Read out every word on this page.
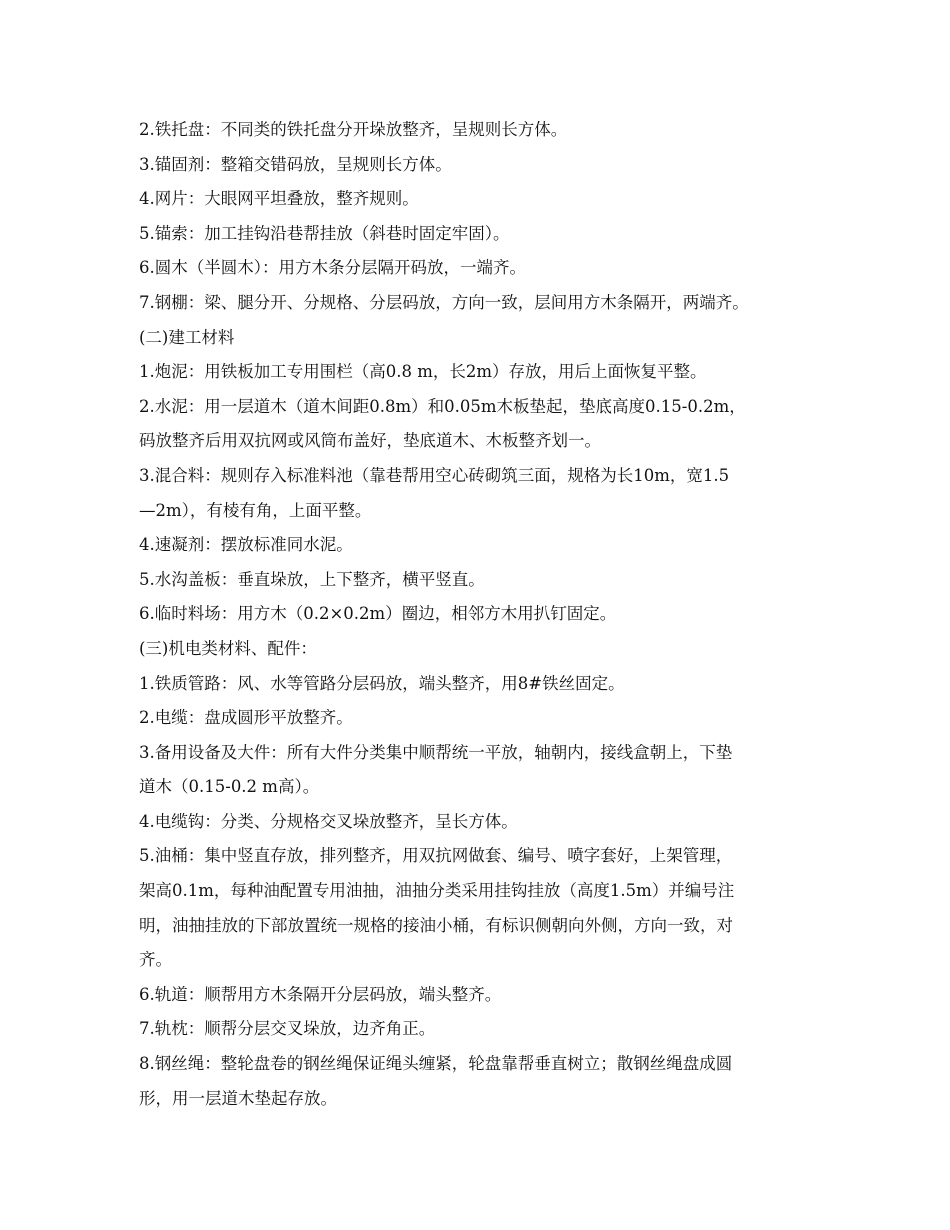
2.铁托盘：不同类的铁托盘分开垛放整齐，呈规则长方体。
3.锚固剂：整箱交错码放，呈规则长方体。
4.网片：大眼网平坦叠放，整齐规则。
5.锚索：加工挂钩沿巷帮挂放（斜巷时固定牢固）。
6.圆木（半圆木）：用方木条分层隔开码放，一端齐。
7.钢棚：梁、腿分开、分规格、分层码放，方向一致，层间用方木条隔开，两端齐。
(二)建工材料
1.炮泥：用铁板加工专用围栏（高0.8 m，长2m）存放，用后上面恢复平整。
2.水泥：用一层道木（道木间距0.8m）和0.05m木板垫起，垫底高度0.15-0.2m，
码放整齐后用双抗网或风筒布盖好，垫底道木、木板整齐划一。
3.混合料：规则存入标准料池（靠巷帮用空心砖砌筑三面，规格为长10m，宽1.5
—2m），有棱有角，上面平整。
4.速凝剂：摆放标准同水泥。
5.水沟盖板：垂直垛放，上下整齐，横平竖直。
6.临时料场：用方木（0.2×0.2m）圈边，相邻方木用扒钉固定。
(三)机电类材料、配件：
1.铁质管路：风、水等管路分层码放，端头整齐，用8#铁丝固定。
2.电缆：盘成圆形平放整齐。
3.备用设备及大件：所有大件分类集中顺帮统一平放，轴朝内，接线盒朝上，下垫
道木（0.15-0.2 m高）。
4.电缆钩：分类、分规格交叉垛放整齐，呈长方体。
5.油桶：集中竖直存放，排列整齐，用双抗网做套、编号、喷字套好，上架管理，
架高0.1m，每种油配置专用油抽，油抽分类采用挂钩挂放（高度1.5m）并编号注
明，油抽挂放的下部放置统一规格的接油小桶，有标识侧朝向外侧，方向一致，对
齐。
6.轨道：顺帮用方木条隔开分层码放，端头整齐。
7.轨枕：顺帮分层交叉垛放，边齐角正。
8.钢丝绳：整轮盘卷的钢丝绳保证绳头缠紧，轮盘靠帮垂直树立；散钢丝绳盘成圆
形，用一层道木垫起存放。
